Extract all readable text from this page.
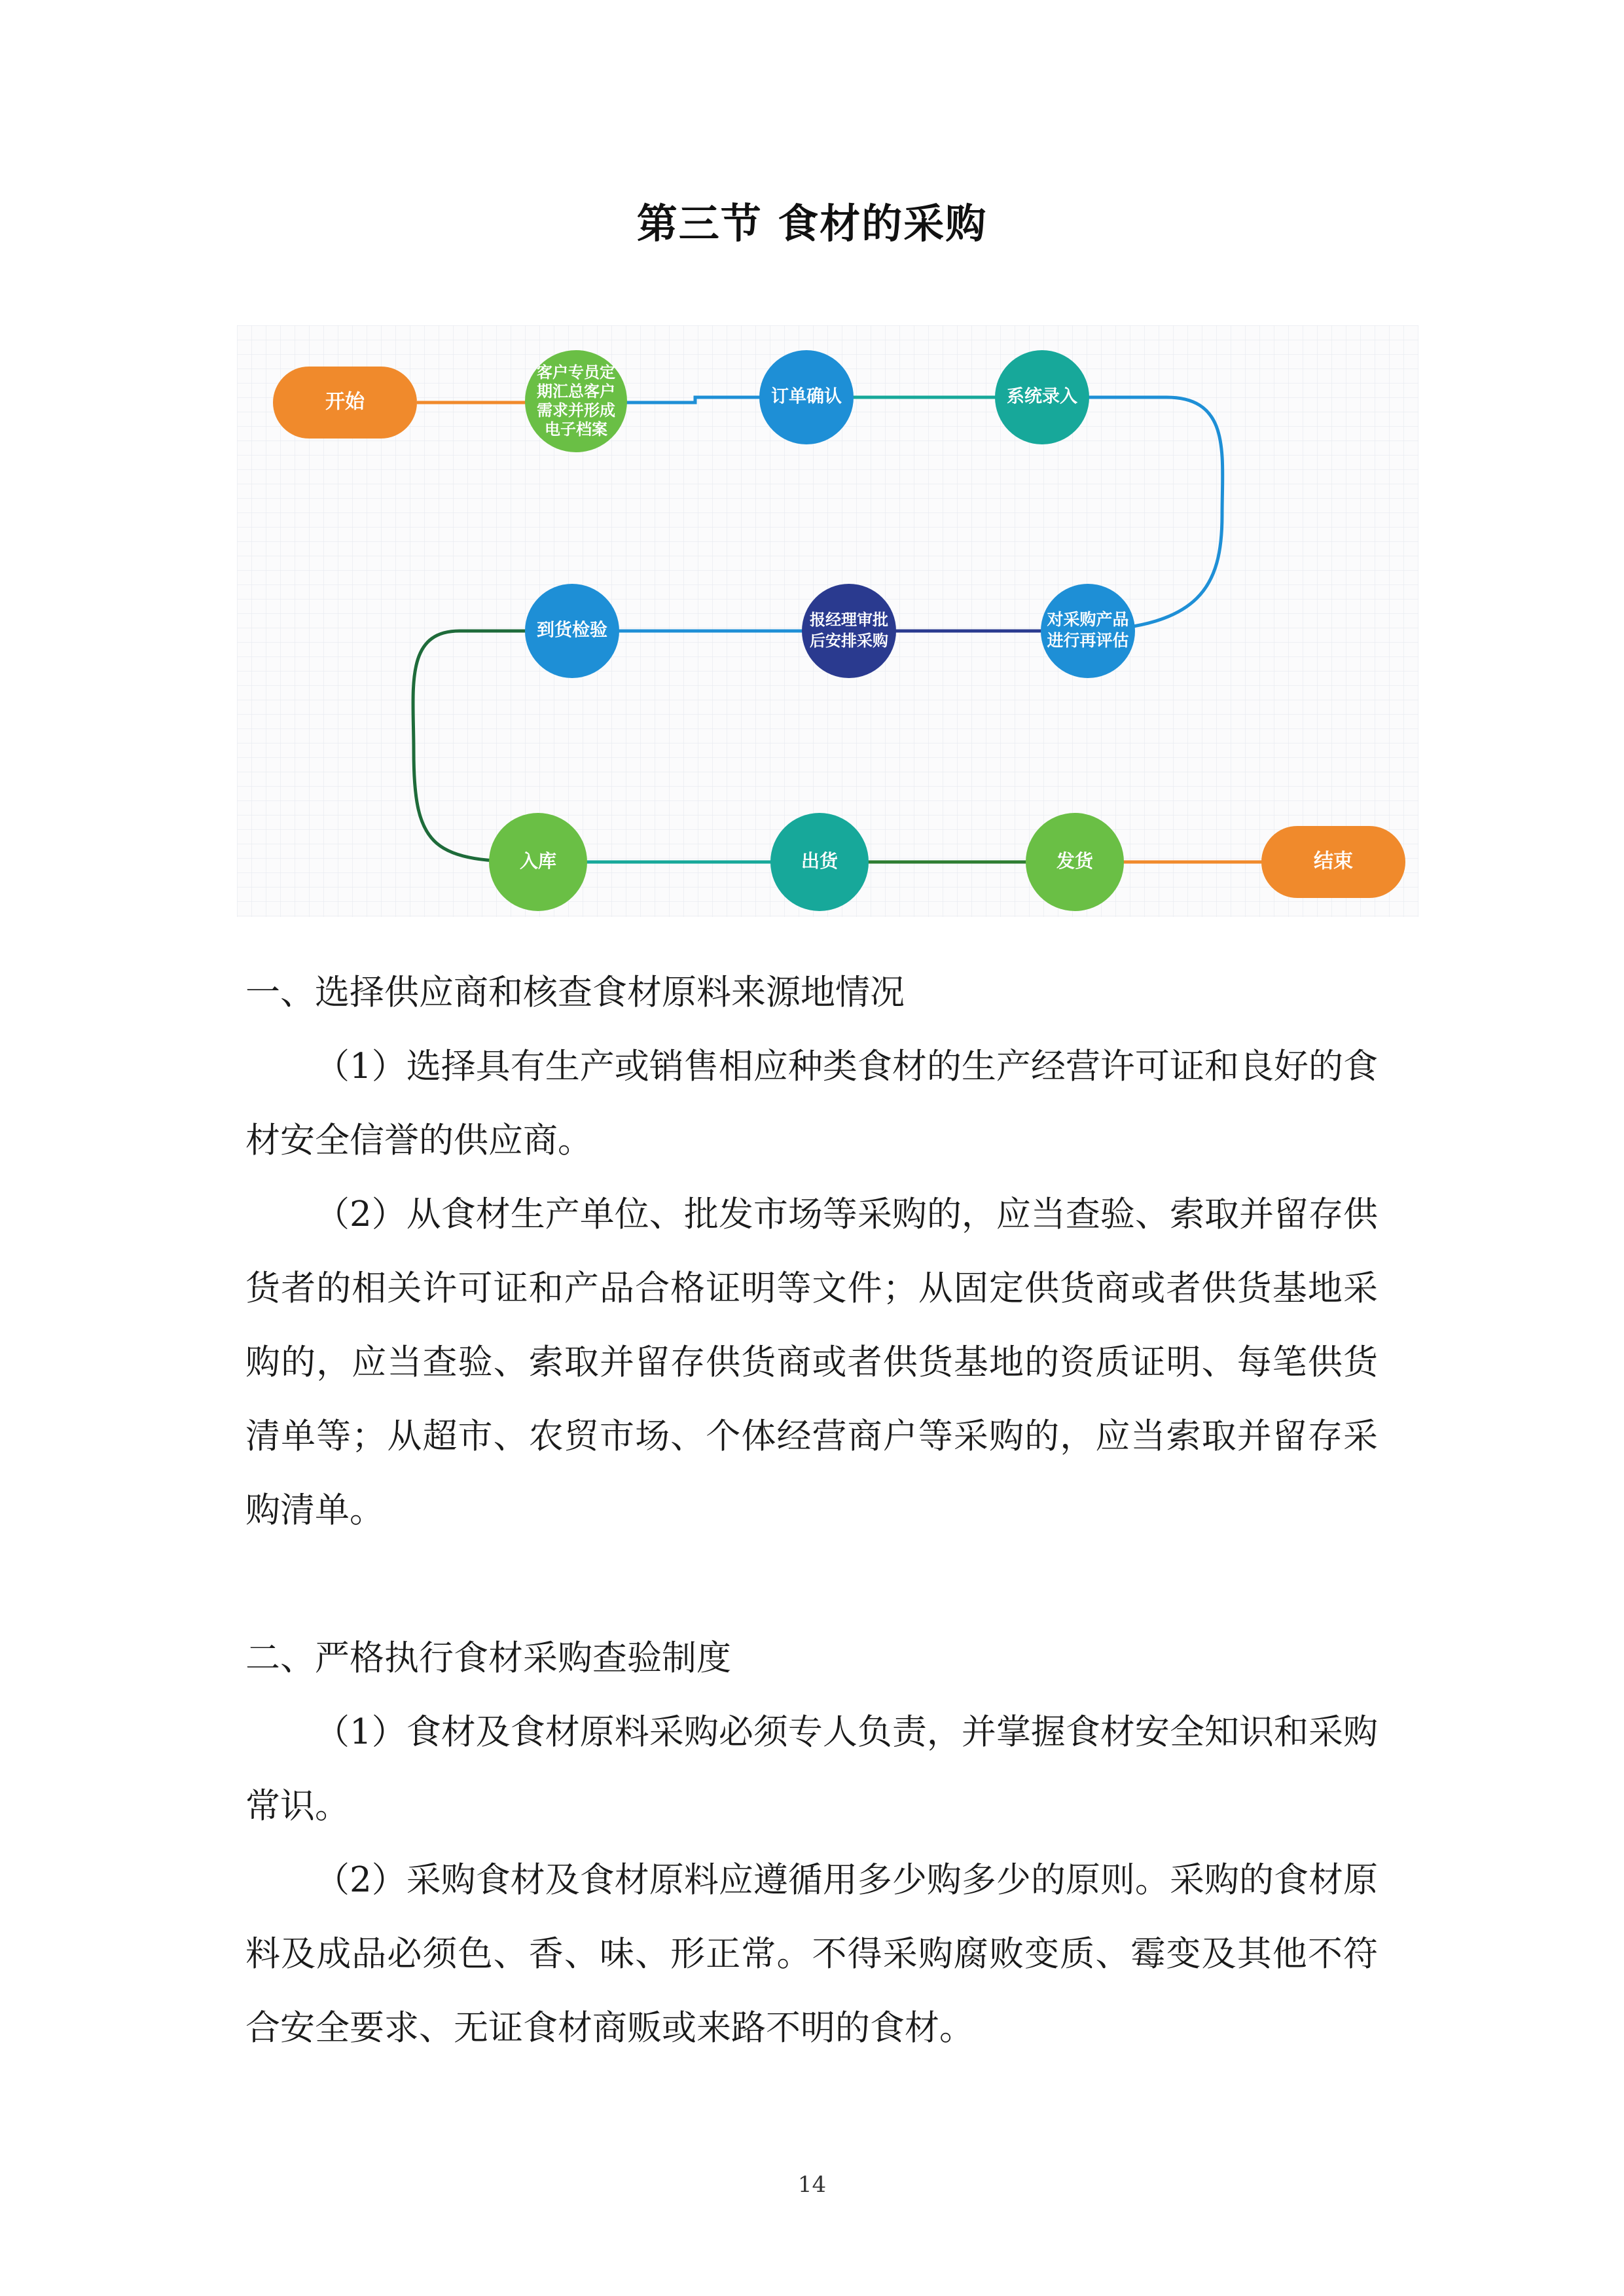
第三节 食材的采购
开始
客户专员定
期汇总客户
需求并形成
电子档案
订单确认	系统录入
对采购产品
进行再评估
报经理审批
后安排采购
到货检验
入库	出货	发货	结束

一、选择供应商和核查食材原料来源地情况

（1）选择具有生产或销售相应种类食材的生产经营许可证和良好的食材安全信誉的供应商。

（2）从食材生产单位、批发市场等采购的，应当查验、索取并留存供货者的相关许可证和产品合格证明等文件；从固定供货商或者供货基地采购的，应当查验、索取并留存供货商或者供货基地的资质证明、每笔供货清单等；从超市、农贸市场、个体经营商户等采购的，应当索取并留存采购清单。

二、严格执行食材采购查验制度

（1）食材及食材原料采购必须专人负责，并掌握食材安全知识和采购常识。

（2）采购食材及食材原料应遵循用多少购多少的原则。采购的食材原料及成品必须色、香、味、形正常。不得采购腐败变质、霉变及其他不符合安全要求、无证食材商贩或来路不明的食材。

14
